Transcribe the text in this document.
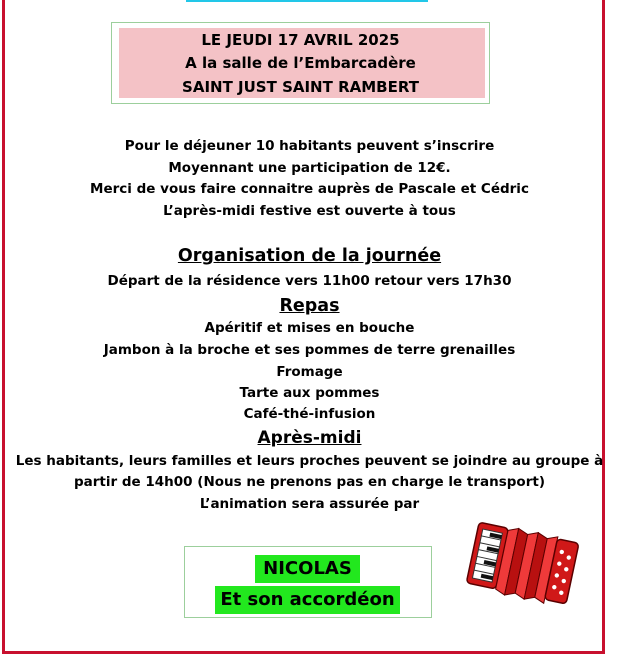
LE JEUDI 17 AVRIL 2025
A la salle de l’Embarcadère
SAINT JUST SAINT RAMBERT
Pour le déjeuner 10 habitants peuvent s’inscrire
Moyennant une participation de 12€.
Merci de vous faire connaitre auprès de Pascale et Cédric
L’après-midi festive est ouverte à tous
Organisation de la journée
Départ de la résidence vers 11h00 retour vers 17h30
Repas
Apéritif et mises en bouche
Jambon à la broche et ses pommes de terre grenailles
Fromage
Tarte aux pommes
Café-thé-infusion
Après-midi
Les habitants, leurs familles et leurs proches peuvent se joindre au groupe à
partir de 14h00 (Nous ne prenons pas en charge le transport)
L’animation sera assurée par
NICOLAS
Et son accordéon
